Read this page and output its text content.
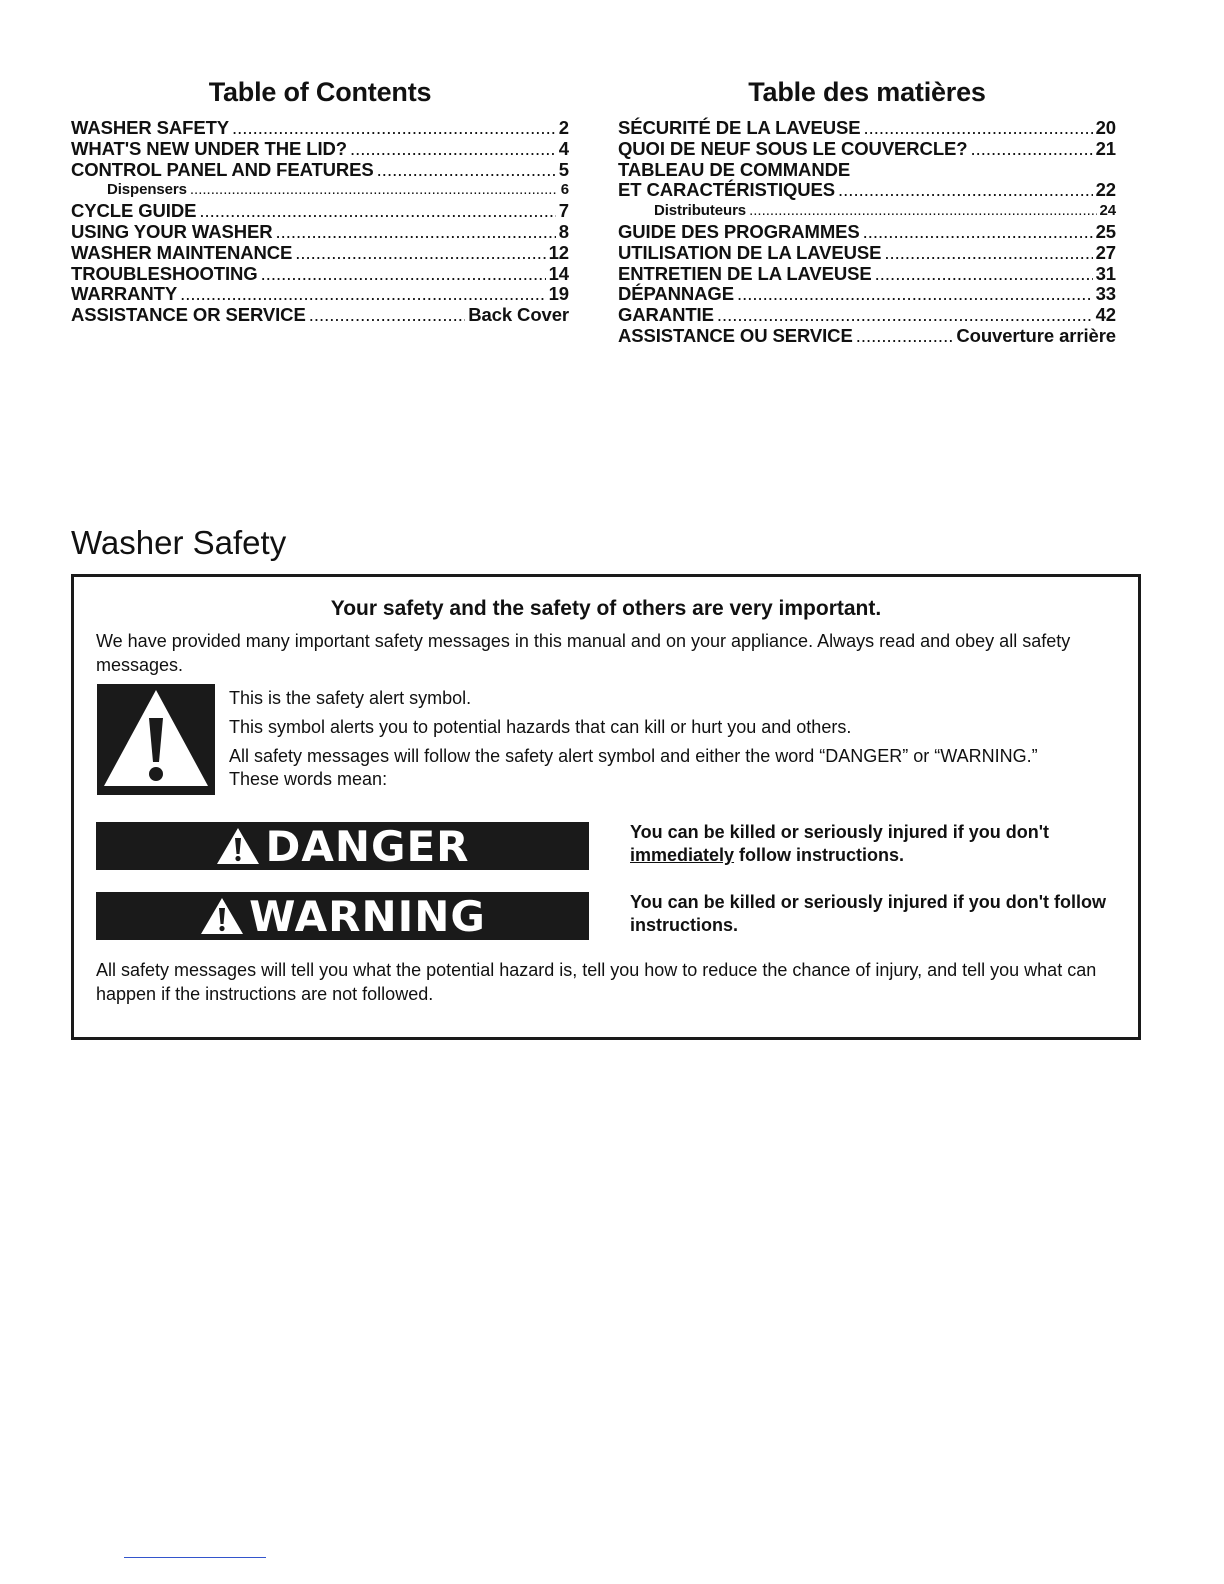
Table of Contents
WASHER SAFETY .....	2
WHAT'S NEW UNDER THE LID? .....	4
CONTROL PANEL AND FEATURES .....	5
Dispensers .....	6
CYCLE GUIDE .....	7
USING YOUR WASHER .....	8
WASHER MAINTENANCE .....	12
TROUBLESHOOTING .....	14
WARRANTY .....	19
ASSISTANCE OR SERVICE .....	Back Cover
Table des matières
SÉCURITÉ DE LA LAVEUSE .....	20
QUOI DE NEUF SOUS LE COUVERCLE? .....	21
TABLEAU DE COMMANDE
ET CARACTÉRISTIQUES .....	22
Distributeurs .....	24
GUIDE DES PROGRAMMES .....	25
UTILISATION DE LA LAVEUSE .....	27
ENTRETIEN DE LA LAVEUSE .....	31
DÉPANNAGE .....	33
GARANTIE .....	42
ASSISTANCE OU SERVICE .....	Couverture arrière
Washer Safety
Your safety and the safety of others are very important.
We have provided many important safety messages in this manual and on your appliance. Always read and obey all safety messages.

This is the safety alert symbol.

This symbol alerts you to potential hazards that can kill or hurt you and others.

All safety messages will follow the safety alert symbol and either the word “DANGER” or “WARNING.” These words mean:

DANGER	You can be killed or seriously injured if you don't immediately follow instructions.
WARNING	You can be killed or seriously injured if you don't follow instructions.
All safety messages will tell you what the potential hazard is, tell you how to reduce the chance of injury, and tell you what can happen if the instructions are not followed.
